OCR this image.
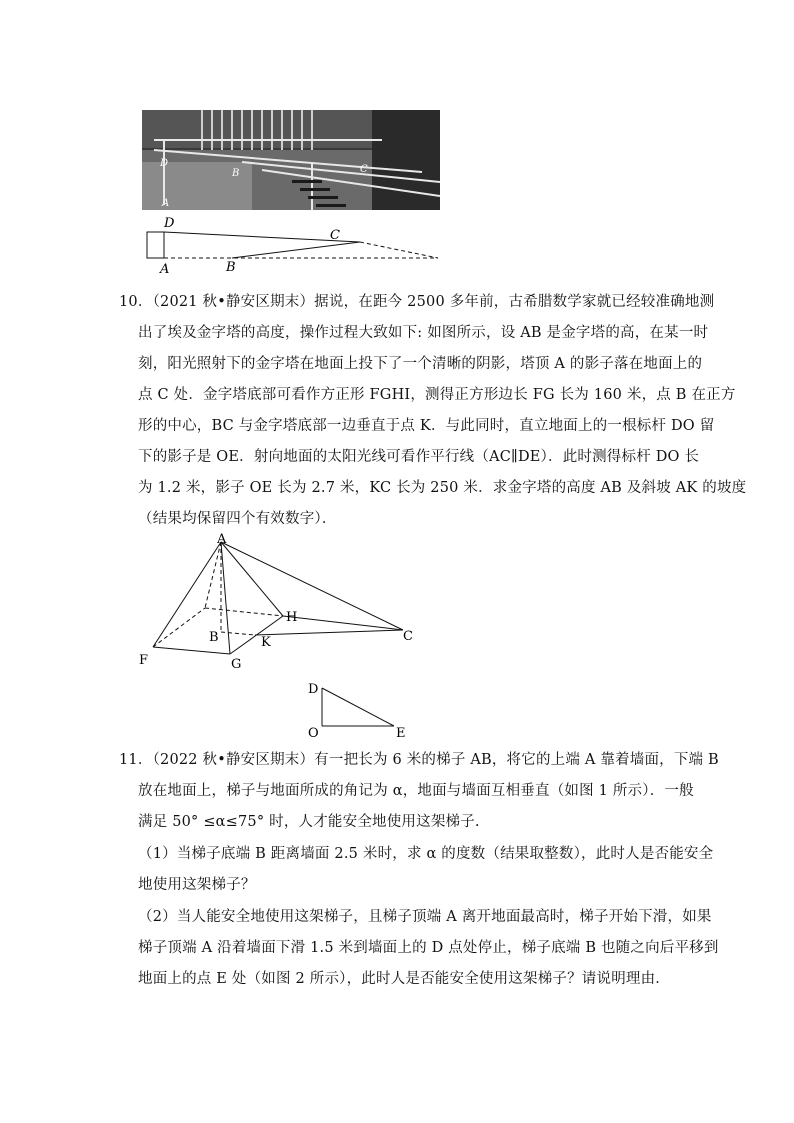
D
A
B	C
D
A	B
C
10．（2021 秋•静安区期末）据说，在距今 2500 多年前，古希腊数学家就已经较准确地测
出了埃及金字塔的高度，操作过程大致如下: 如图所示，设 AB 是金字塔的高，在某一时
刻，阳光照射下的金字塔在地面上投下了一个清晰的阴影，塔顶 A 的影子落在地面上的
点 C 处．金字塔底部可看作方正形 FGHI，测得正方形边长 FG 长为 160 米，点 B 在正方
形的中心，BC 与金字塔底部一边垂直于点 K．与此同时，直立地面上的一根标杆 DO 留
下的影子是 OE．射向地面的太阳光线可看作平行线（AC∥DE）．此时测得标杆 DO 长
为 1.2 米，影子 OE 长为 2.7 米，KC 长为 250 米．求金字塔的高度 AB 及斜坡 AK 的坡度
（结果均保留四个有效数字）．
A
B	C
F	G
H
K
D
O	E
11．（2022 秋•静安区期末）有一把长为 6 米的梯子 AB，将它的上端 A 靠着墙面，下端 B
放在地面上，梯子与地面所成的角记为 α，地面与墙面互相垂直（如图 1 所示）．一般
满足 50° ≤α≤75° 时，人才能安全地使用这架梯子.
（1）当梯子底端 B 距离墙面 2.5 米时，求 α 的度数（结果取整数），此时人是否能安全
地使用这架梯子？
（2）当人能安全地使用这架梯子，且梯子顶端 A 离开地面最高时，梯子开始下滑，如果
梯子顶端 A 沿着墙面下滑 1.5 米到墙面上的 D 点处停止，梯子底端 B 也随之向后平移到
地面上的点 E 处（如图 2 所示），此时人是否能安全使用这架梯子？请说明理由．
